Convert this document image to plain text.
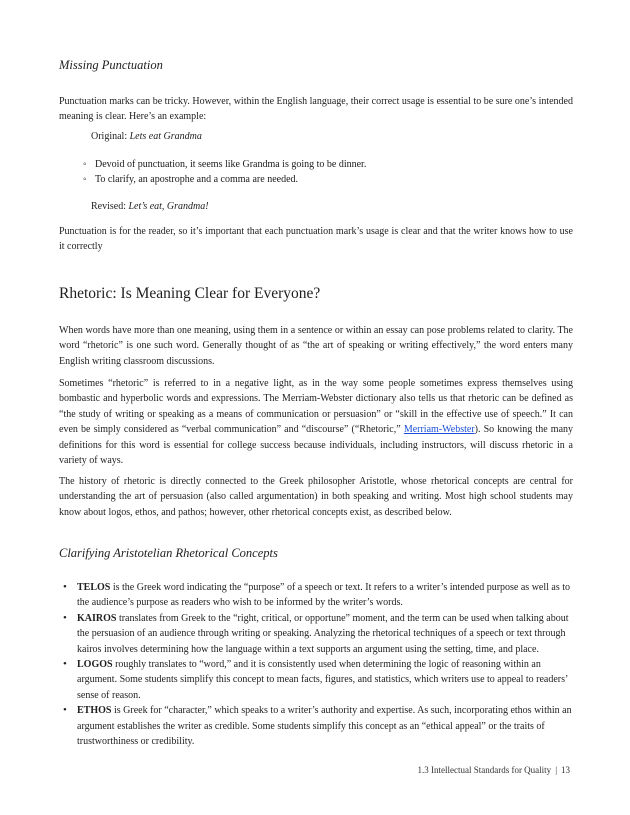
Missing Punctuation
Punctuation marks can be tricky. However, within the English language, their correct usage is essential to be sure one’s intended meaning is clear. Here’s an example:
Original: Lets eat Grandma
◦ Devoid of punctuation, it seems like Grandma is going to be dinner.
◦ To clarify, an apostrophe and a comma are needed.
Revised: Let’s eat, Grandma!
Punctuation is for the reader, so it’s important that each punctuation mark’s usage is clear and that the writer knows how to use it correctly
Rhetoric: Is Meaning Clear for Everyone?
When words have more than one meaning, using them in a sentence or within an essay can pose problems related to clarity. The word “rhetoric” is one such word. Generally thought of as “the art of speaking or writing effectively,” the word enters many English writing classroom discussions.
Sometimes “rhetoric” is referred to in a negative light, as in the way some people sometimes express themselves using bombastic and hyperbolic words and expressions. The Merriam-Webster dictionary also tells us that rhetoric can be defined as “the study of writing or speaking as a means of communication or persuasion” or “skill in the effective use of speech.” It can even be simply considered as “verbal communication” and “discourse” (“Rhetoric,” Merriam-Webster). So knowing the many definitions for this word is essential for college success because individuals, including instructors, will discuss rhetoric in a variety of ways.
The history of rhetoric is directly connected to the Greek philosopher Aristotle, whose rhetorical concepts are central for understanding the art of persuasion (also called argumentation) in both speaking and writing. Most high school students may know about logos, ethos, and pathos; however, other rhetorical concepts exist, as described below.
Clarifying Aristotelian Rhetorical Concepts
• TELOS is the Greek word indicating the “purpose” of a speech or text. It refers to a writer’s intended purpose as well as to the audience’s purpose as readers who wish to be informed by the writer’s words.
• KAIROS translates from Greek to the “right, critical, or opportune” moment, and the term can be used when talking about the persuasion of an audience through writing or speaking. Analyzing the rhetorical techniques of a speech or text through kairos involves determining how the language within a text supports an argument using the setting, time, and place.
• LOGOS roughly translates to “word,” and it is consistently used when determining the logic of reasoning within an argument. Some students simplify this concept to mean facts, figures, and statistics, which writers use to appeal to readers’ sense of reason.
• ETHOS is Greek for “character,” which speaks to a writer’s authority and expertise. As such, incorporating ethos within an argument establishes the writer as credible. Some students simplify this concept as an “ethical appeal” or the traits of trustworthiness or credibility.
1.3 Intellectual Standards for Quality | 13
